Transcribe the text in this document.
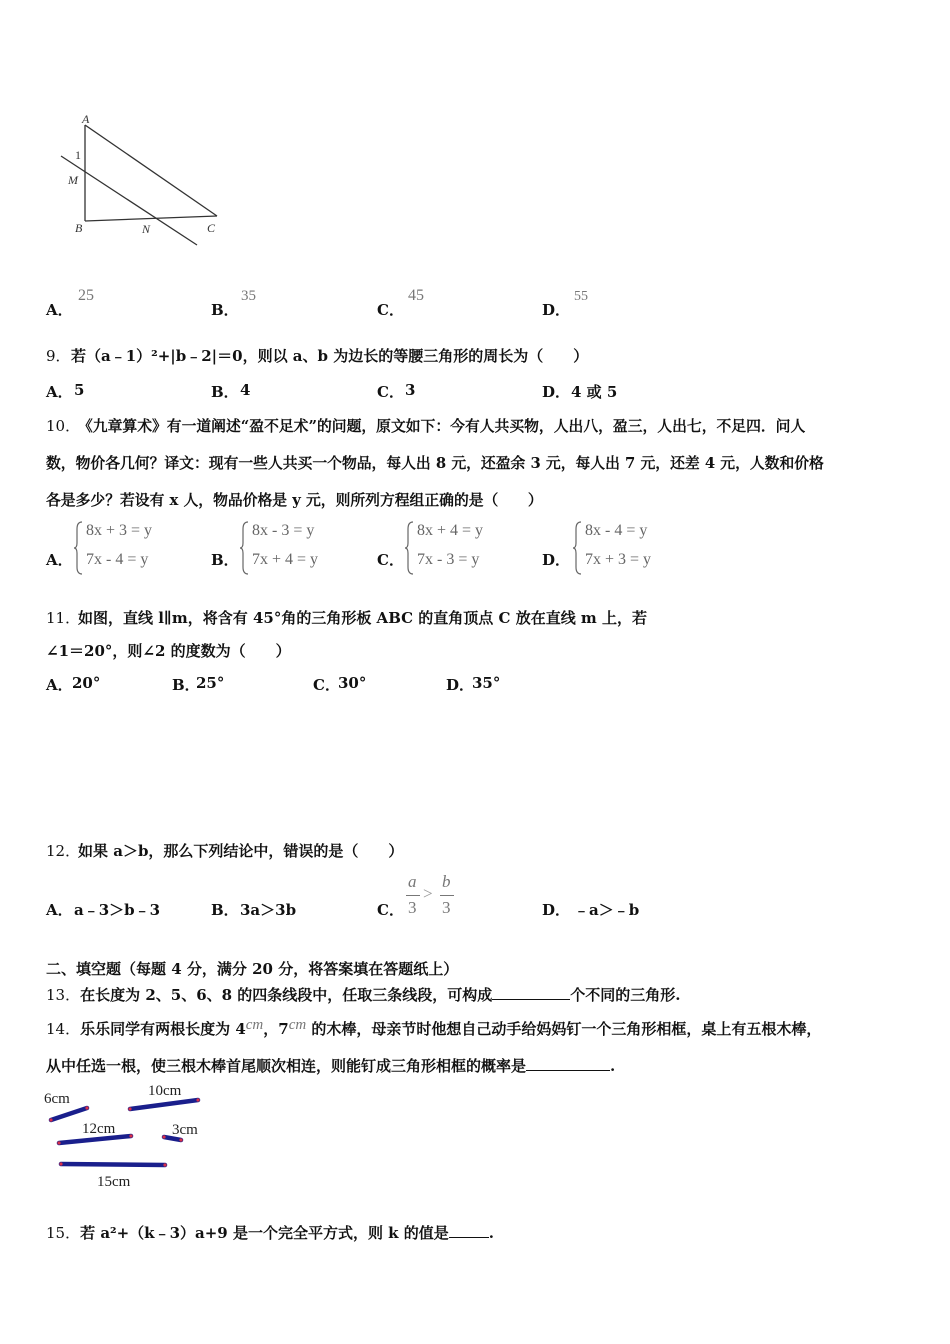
A
1
M
B	N	C
A．
25
B．
35
C．
45
D．
55
9． 若（a﹣1）²+|b﹣2|＝0，则以 a、b 为边长的等腰三角形的周长为（　　）
A． 5	B． 4	C． 3	D． 4 或 5
10．
《九章算术》有一道阐述“盈不足术”的问题，原文如下：今有人共买物，人出八，盈三，人出七，不足四．问人
数，物价各几何？译文：现有一些人共买一个物品，每人出 8 元，还盈余 3 元，每人出 7 元，还差 4 元，人数和价格
各是多少？若设有 x 人，物品价格是 y 元，则所列方程组正确的是（　　）
A．
8x + 3 = y
7x - 4 = y	B．
8x - 3 = y
7x + 4 = y	C．
8x + 4 = y
7x - 3 = y	D．
8x - 4 = y
7x + 3 = y
11．
如图，直线 l∥m，将含有 45°角的三角形板 ABC 的直角顶点 C 放在直线 m 上，若
∠1＝20°，则∠2 的度数为（　　）
A． 20°	B．
25°	C．
30°	D．
35°
12．
如果 a＞b，那么下列结论中，错误的是（　　）
A． a﹣3＞b﹣3	B． 3a＞3b	C．
a
3
>
b
3	D． ﹣a＞﹣b
二、填空题（每题 4 分，满分 20 分，将答案填在答题纸上）
13．在长度为 2、5、6、8 的四条线段中，任取三条线段，可构成	个不同的三角形.
14．乐乐同学有两根长度为 4cm，7cm 的木棒，母亲节时他想自己动手给妈妈钉一个三角形相框，桌上有五根木棒，
从中任选一根，使三根木棒首尾顺次相连，则能钉成三角形相框的概率是	.
6cm	10cm
12cm	3cm
15cm
15．若 a²+（k﹣3）a+9 是一个完全平方式，则 k 的值是	.
